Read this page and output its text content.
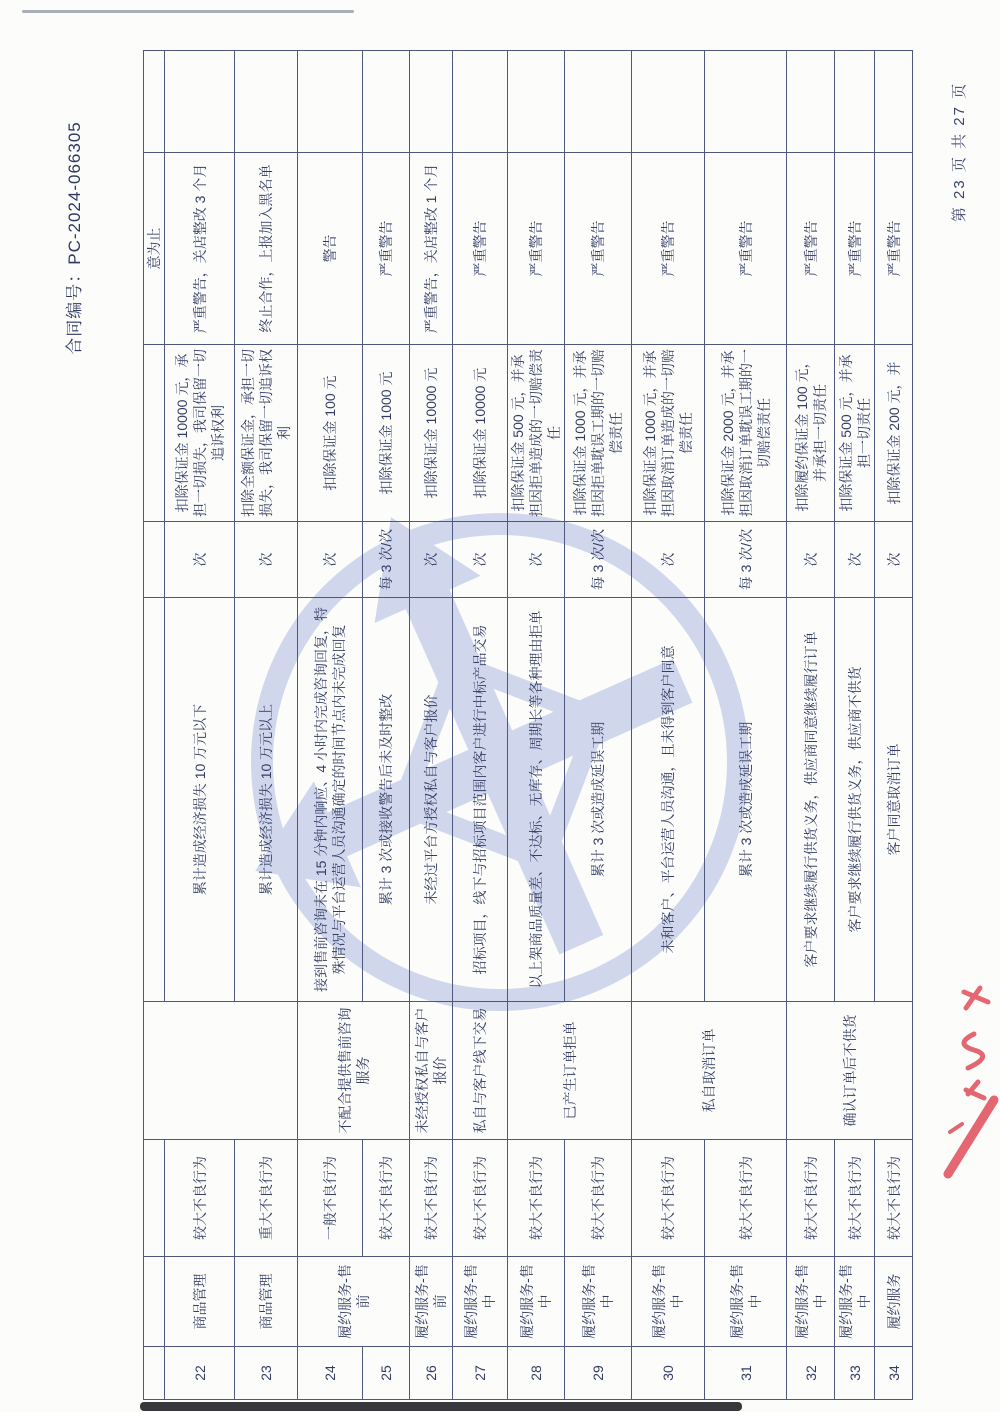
合同编号：PC-2024-066305	第 23 页 共 27 页
							意为止	
22	商品管理	较大不良行为		累计造成经济损失 10 万元以下	次	扣除保证金 10000 元，承担一切损失，我司保留一切追诉权利	严重警告，关店整改 3 个月	
23	商品管理	重大不良行为		累计造成经济损失 10 万元以上	次	扣除全额保证金，承担一切损失，我司保留一切追诉权利	终止合作，上报加入黑名单	
24	履约服务-售前	一般不良行为	不配合提供售前咨询服务	接到售前咨询未在 15 分钟内响应、4 小时内完成咨询回复，特殊情况与平台运营人员沟通确定的时间节点内未完成回复	次	扣除保证金 100 元	警告	
25		较大不良行为		累计 3 次或接收警告后未及时整改	每 3 次/次	扣除保证金 1000 元	严重警告	
26	履约服务-售前	较大不良行为	未经授权私自与客户报价	未经过平台方授权私自与客户报价	次	扣除保证金 10000 元	严重警告，关店整改 1 个月	
27	履约服务-售中	较大不良行为	私自与客户线下交易	招标项目，线下与招标项目范围内客户进行中标产品交易	次	扣除保证金 10000 元	严重警告	
28	履约服务-售中	较大不良行为	已产生订单拒单	以上架商品质量差、不达标、无库存、周期长等各种理由拒单	次	扣除保证金 500 元，并承担因拒单造成的一切赔偿责任	严重警告	
29	履约服务-售中	较大不良行为		累计 3 次或造成延误工期	每 3 次/次	扣除保证金 1000 元，并承担因拒单耽误工期的一切赔偿责任	严重警告	
30	履约服务-售中	较大不良行为	私自取消订单	未和客户、平台运营人员沟通，且未得到客户同意	次	扣除保证金 1000 元，并承担因取消订单造成的一切赔偿责任	严重警告	
31	履约服务-售中	较大不良行为		累计 3 次或造成延误工期	每 3 次/次	扣除保证金 2000 元，并承担因取消订单耽误工期的一切赔偿责任	严重警告	
32	履约服务-售中	较大不良行为	确认订单后不供货	客户要求继续履行供货义务，供应商同意继续履行订单	次	扣除履约保证金 100 元，并承担一切责任	严重警告	
33	履约服务-售中	较大不良行为		客户要求继续履行供货义务，供应商不供货	次	扣除保证金 500 元，并承担一切责任	严重警告	
34	履约服务	较大不良行为		客户同意取消订单	次	扣除保证金 200 元，并	严重警告	
